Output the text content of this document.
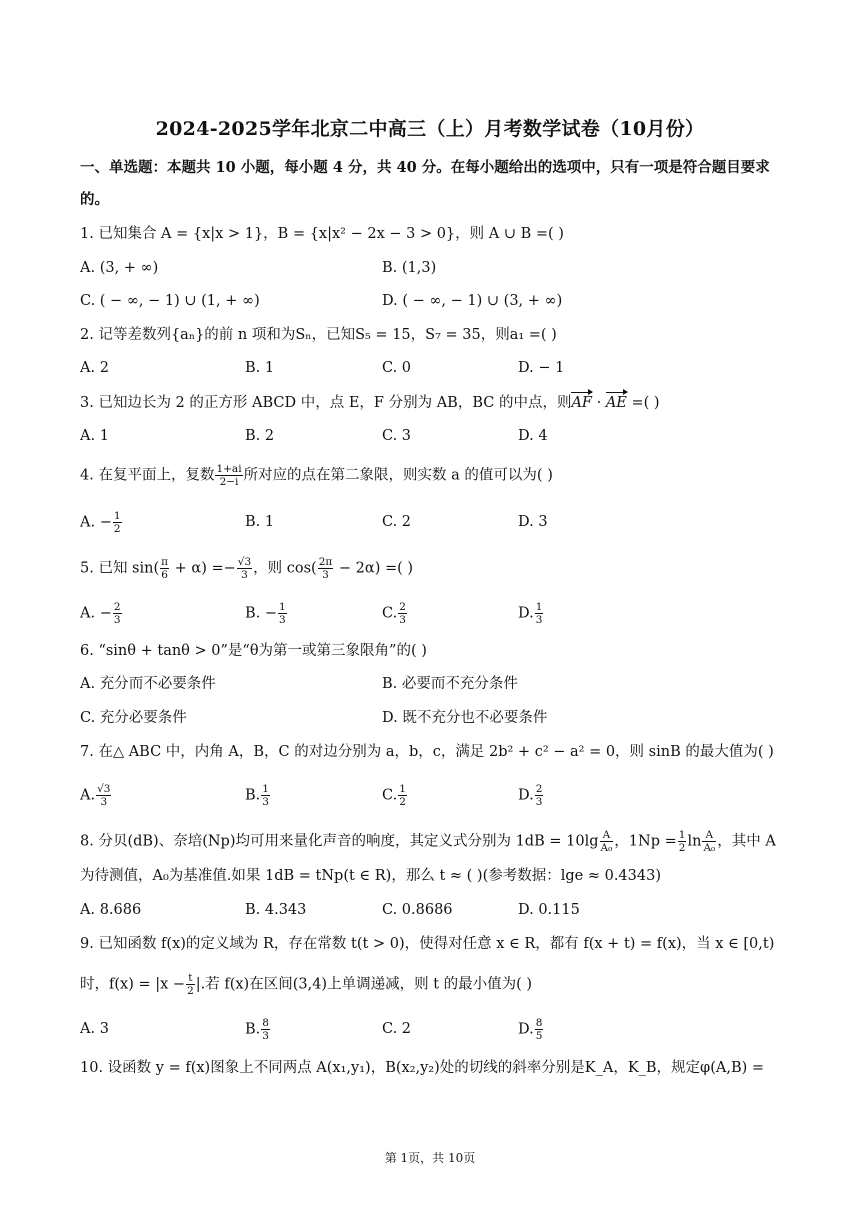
2024-2025学年北京二中高三（上）月考数学试卷（10月份）
一、单选题：本题共 10 小题，每小题 4 分，共 40 分。在每小题给出的选项中，只有一项是符合题目要求
的。
1. 已知集合 A = {x|x > 1}，B = {x|x² − 2x − 3 > 0}，则 A ∪ B =( )
A. (3, + ∞)	B. (1,3)
C. ( − ∞, − 1) ∪ (1, + ∞)	D. ( − ∞, − 1) ∪ (3, + ∞)
2. 记等差数列{aₙ}的前 n 项和为Sₙ，已知S₅ = 15，S₇ = 35，则a₁ =( )
A. 2	B. 1	C. 0	D. − 1
3. 已知边长为 2 的正方形 ABCD 中，点 E，F 分别为 AB，BC 的中点，则AF · AE =( )
A. 1	B. 2	C. 3	D. 4
4. 在复平面上，复数 $\frac{1+ai}{2-i}$ 所对应的点在第二象限，则实数 a 的值可以为( )
A. − $\frac{1}{2}$	B. 1	C. 2	D. 3
5. 已知 $\sin( \frac{\pi}{6} + \alpha) =- \frac{√3}{3}$ ，则 $\cos( \frac{2\pi}{3} - 2\alpha)$ =( )
A. − $\frac{2}{3}$	B. − $\frac{1}{3}$	C. $\frac{2}{3}$	D. $\frac{1}{3}$
6. “sinθ + tanθ > 0”是“θ为第一或第三象限角”的( )
A. 充分而不必要条件	B. 必要而不充分条件
C. 充分必要条件	D. 既不充分也不必要条件
7. 在△ ABC 中，内角 A，B，C 的对边分别为 a，b，c，满足 2b² + c² − a² = 0，则 sinB 的最大值为( )
A. $\frac{√3}{3}$	B. $\frac{1}{3}$	C. $\frac{1}{2}$	D. $\frac{2}{3}$
8. 分贝(dB)、奈培(Np)均可用来量化声音的响度，其定义式分别为 $1dB = 10\lg \frac{A}{\text{A₀}}$ ，$1Np = \frac{1}{2}$ $\ln \frac{A}{\text{A₀}}$ ，其中 A
为待测值，A₀为基准值.如果 1dB = tNp(t ∈ R)，那么 t ≈ ( )(参考数据：lge ≈ 0.4343)
A. 8.686	B. 4.343	C. 0.8686	D. 0.115
9. 已知函数 f(x)的定义域为 R，存在常数 t(t > 0)，使得对任意 x ∈ R，都有 f(x + t) = f(x)，当 x ∈ [0,t)
时，$f(x) = |x - \frac{t}{2}$ |.若 f(x)在区间(3,4)上单调递减，则 t 的最小值为( )
A. 3	B. $\frac{8}{3}$	C. 2	D. $\frac{8}{5}$
10. 设函数 y = f(x)图象上不同两点 A(x₁,y₁)，B(x₂,y₂)处的切线的斜率分别是K_A，K_B，规定φ(A,B) =
第 1页，共 10页
